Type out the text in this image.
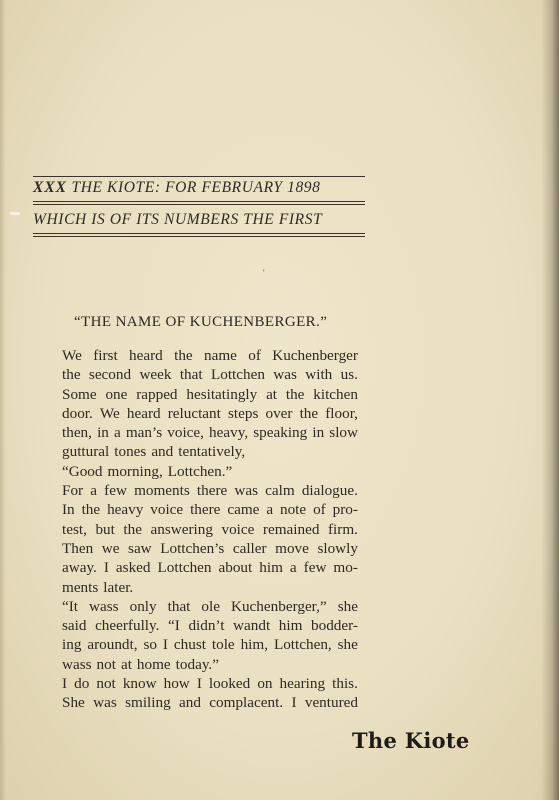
XXX THE KIOTE: FOR FEBRUARY 1898
WHICH IS OF ITS NUMBERS THE FIRST
'
“THE NAME OF KUCHENBERGER.”
We first heard the name of Kuchenberger
the second week that Lottchen was with us.
Some one rapped hesitatingly at the kitchen
door. We heard reluctant steps over the floor,
then, in a man’s voice, heavy, speaking in slow
guttural tones and tentatively,
“Good morning, Lottchen.”
For a few moments there was calm dialogue.
In the heavy voice there came a note of pro-
test, but the answering voice remained firm.
Then we saw Lottchen’s caller move slowly
away. I asked Lottchen about him a few mo-
ments later.
“It wass only that ole Kuchenberger,” she
said cheerfully. “I didn’t wandt him bodder-
ing aroundt, so I chust tole him, Lottchen, she
wass not at home today.”
I do not know how I looked on hearing this.
She was smiling and complacent. I ventured
The Kiote
